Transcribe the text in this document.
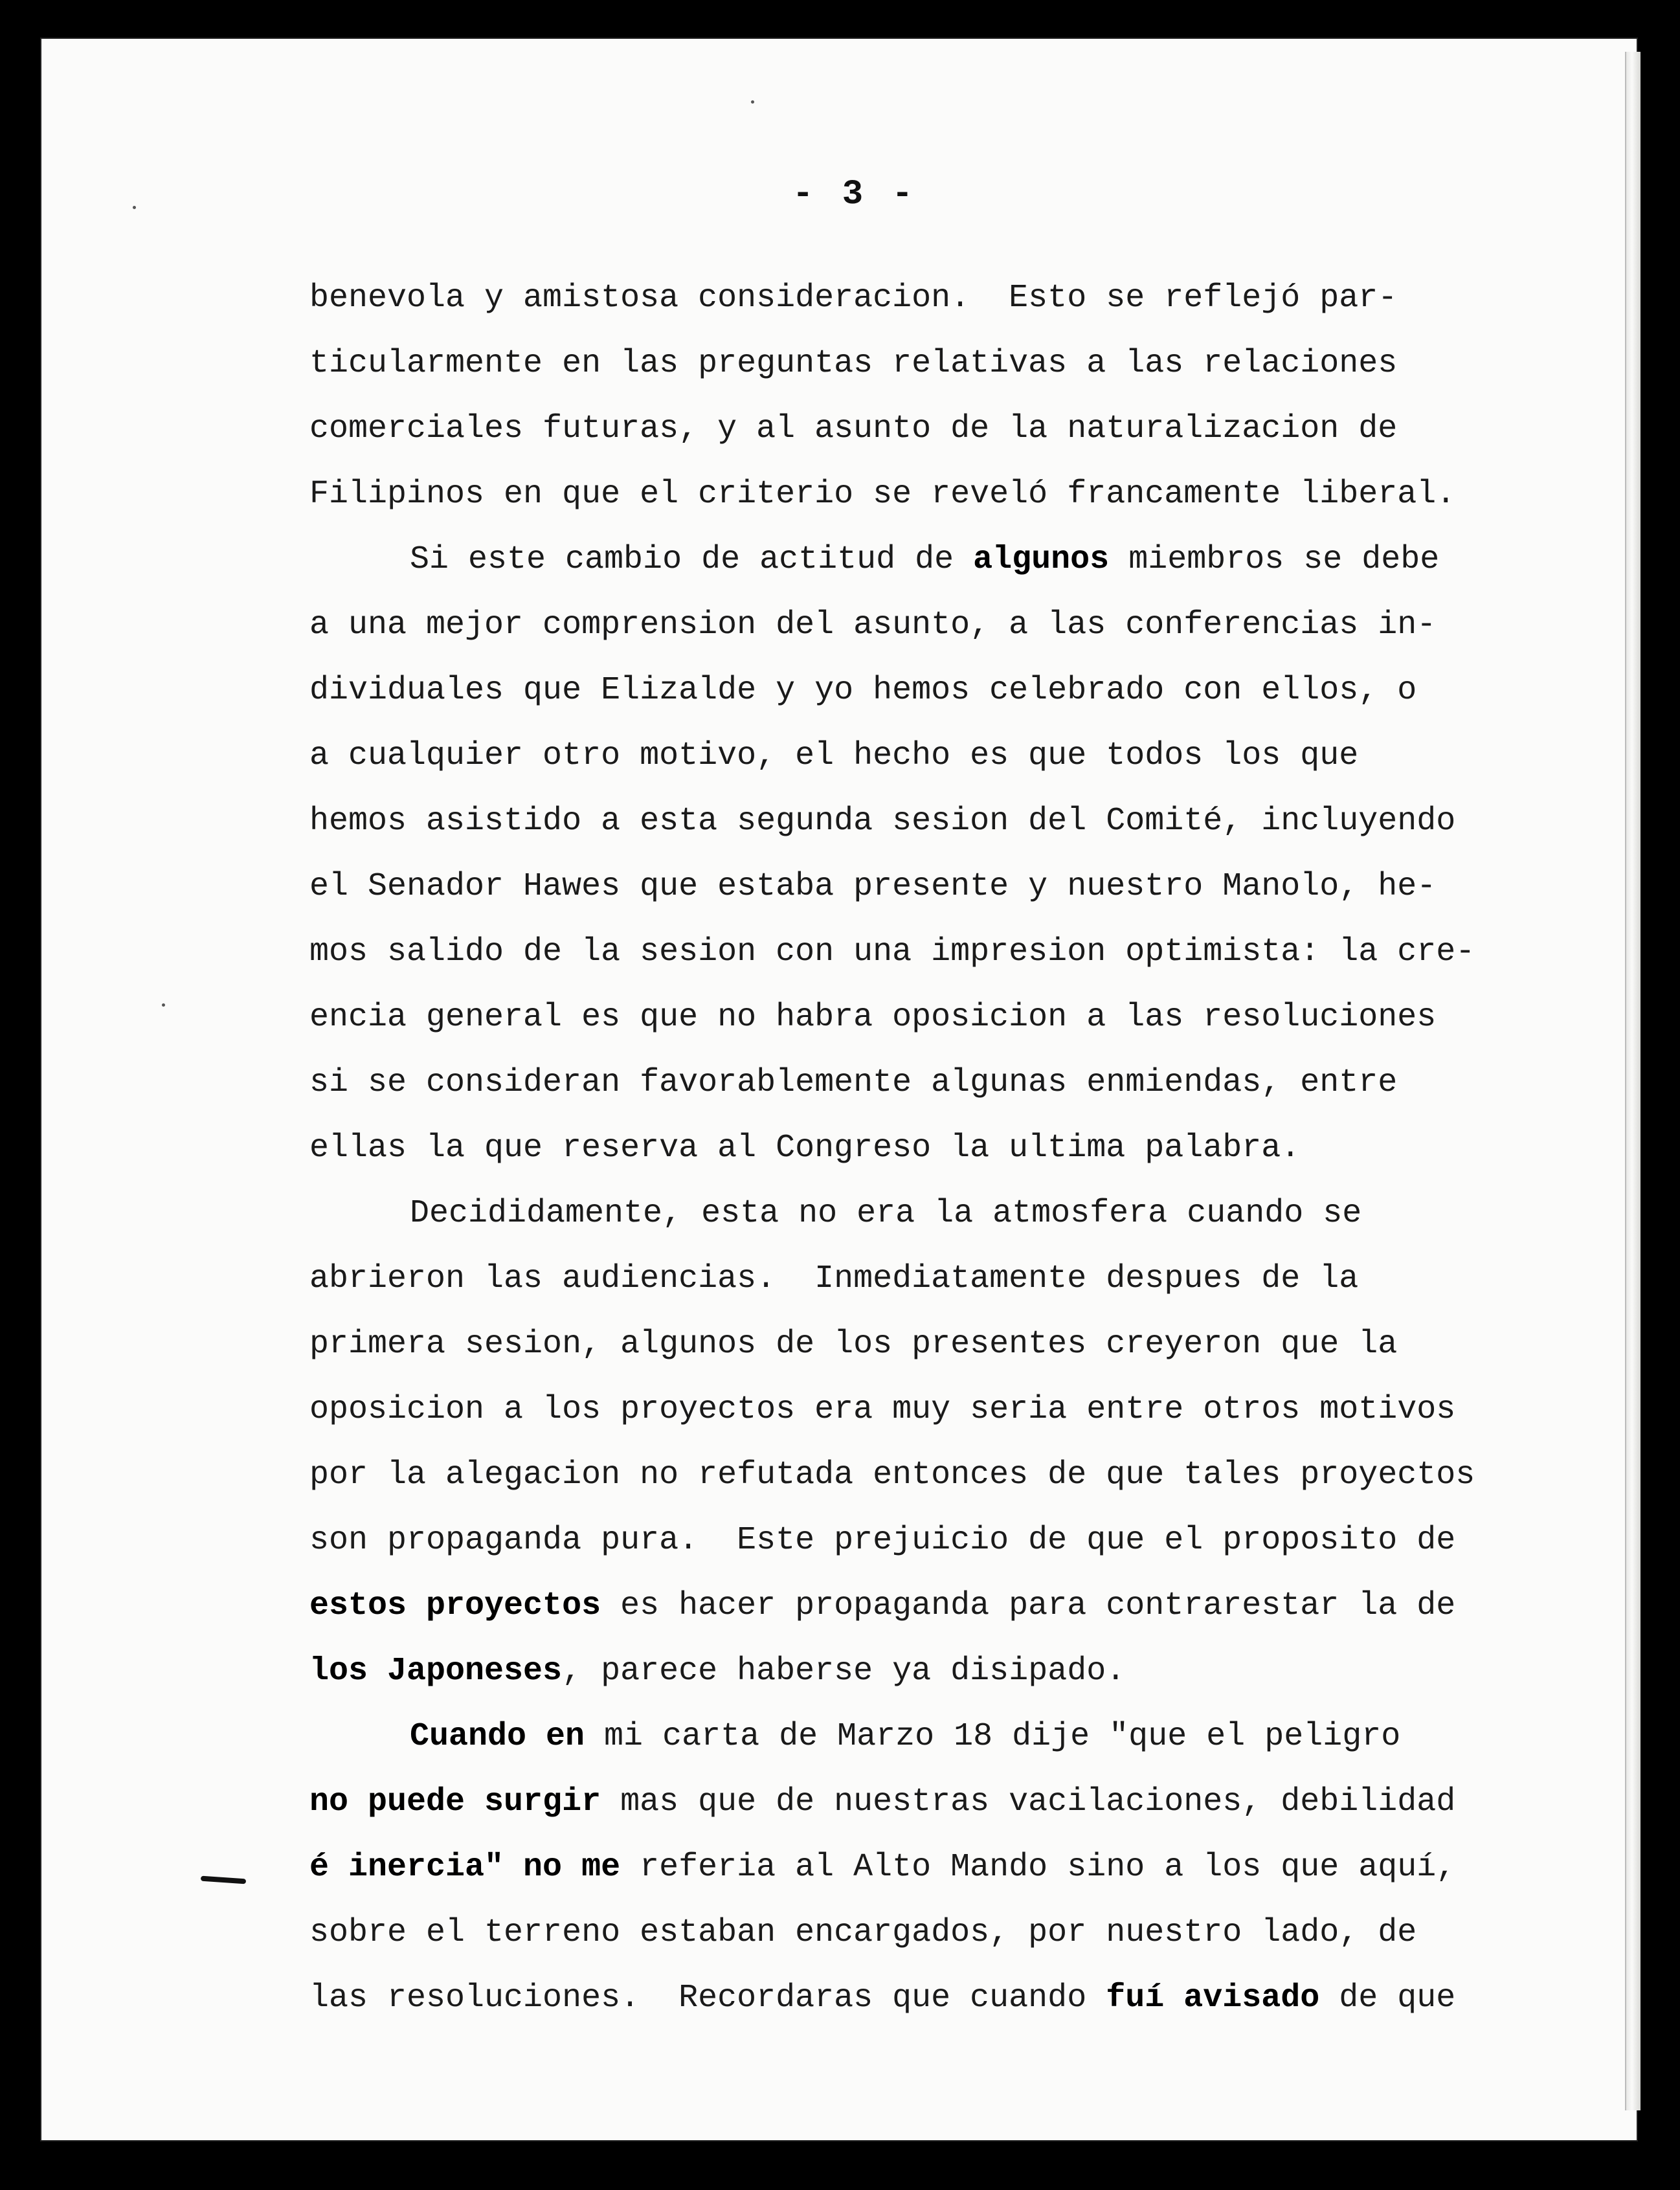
- 3 -
benevola y amistosa consideracion.  Esto se reflejó par-
ticularmente en las preguntas relativas a las relaciones
comerciales futuras, y al asunto de la naturalizacion de
Filipinos en que el criterio se reveló francamente liberal.
Si este cambio de actitud de algunos miembros se debe
a una mejor comprension del asunto, a las conferencias in-
dividuales que Elizalde y yo hemos celebrado con ellos, o
a cualquier otro motivo, el hecho es que todos los que
hemos asistido a esta segunda sesion del Comité, incluyendo
el Senador Hawes que estaba presente y nuestro Manolo, he-
mos salido de la sesion con una impresion optimista: la cre-
encia general es que no habra oposicion a las resoluciones
si se consideran favorablemente algunas enmiendas, entre
ellas la que reserva al Congreso la ultima palabra.
Decididamente, esta no era la atmosfera cuando se
abrieron las audiencias.  Inmediatamente despues de la
primera sesion, algunos de los presentes creyeron que la
oposicion a los proyectos era muy seria entre otros motivos
por la alegacion no refutada entonces de que tales proyectos
son propaganda pura.  Este prejuicio de que el proposito de
estos proyectos es hacer propaganda para contrarestar la de
los Japoneses, parece haberse ya disipado.
Cuando en mi carta de Marzo 18 dije "que el peligro
no puede surgir mas que de nuestras vacilaciones, debilidad
é inercia" no me referia al Alto Mando sino a los que aquí,
sobre el terreno estaban encargados, por nuestro lado, de
las resoluciones.  Recordaras que cuando fuí avisado de que
